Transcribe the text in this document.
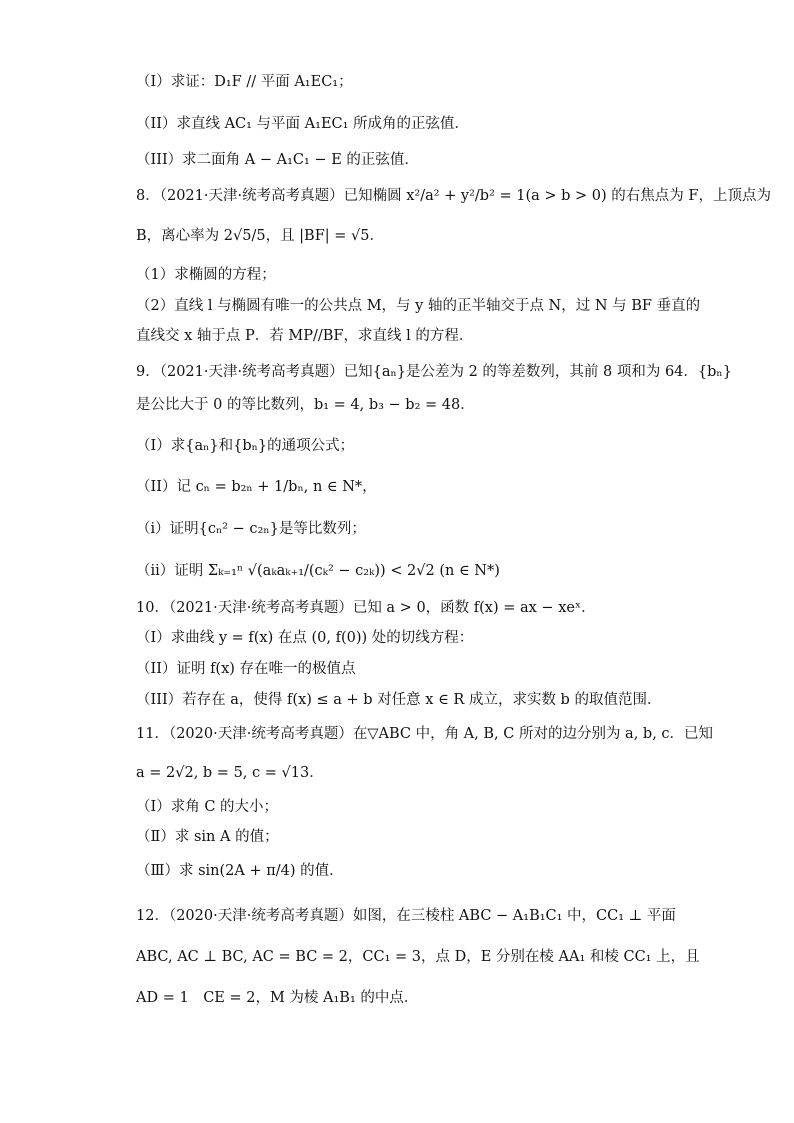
（I）求证：D₁F // 平面 A₁EC₁；
（II）求直线 AC₁ 与平面 A₁EC₁ 所成角的正弦值．
（III）求二面角 A − A₁C₁ − E 的正弦值．
8．（2021·天津·统考高考真题）已知椭圆 x²/a² + y²/b² = 1(a > b > 0) 的右焦点为 F，上顶点为
B，离心率为 2√5/5，且 |BF| = √5．
（1）求椭圆的方程；
（2）直线 l 与椭圆有唯一的公共点 M，与 y 轴的正半轴交于点 N，过 N 与 BF 垂直的
直线交 x 轴于点 P．若 MP//BF，求直线 l 的方程．
9．（2021·天津·统考高考真题）已知{aₙ}是公差为 2 的等差数列，其前 8 项和为 64．{bₙ}
是公比大于 0 的等比数列，b₁ = 4, b₃ − b₂ = 48．
（I）求{aₙ}和{bₙ}的通项公式；
（II）记 cₙ = b₂ₙ + 1/bₙ, n ∈ N*，
（i）证明{cₙ² − c₂ₙ}是等比数列；
（ii）证明 Σₖ₌₁ⁿ √(aₖaₖ₊₁/(cₖ² − c₂ₖ)) < 2√2 (n ∈ N*)
10．（2021·天津·统考高考真题）已知 a > 0，函数 f(x) = ax − xeˣ．
（I）求曲线 y = f(x) 在点 (0, f(0)) 处的切线方程：
（II）证明 f(x) 存在唯一的极值点
（III）若存在 a，使得 f(x) ≤ a + b 对任意 x ∈ R 成立，求实数 b 的取值范围．
11．（2020·天津·统考高考真题）在▽ABC 中，角 A, B, C 所对的边分别为 a, b, c．已知
a = 2√2, b = 5, c = √13．
（Ⅰ）求角 C 的大小；
（Ⅱ）求 sin A 的值；
（Ⅲ）求 sin(2A + π/4) 的值．
12．（2020·天津·统考高考真题）如图，在三棱柱 ABC − A₁B₁C₁ 中，CC₁ ⊥ 平面
ABC, AC ⊥ BC, AC = BC = 2，CC₁ = 3，点 D，E 分别在棱 AA₁ 和棱 CC₁ 上，且
AD = 1　CE = 2，M 为棱 A₁B₁ 的中点．
